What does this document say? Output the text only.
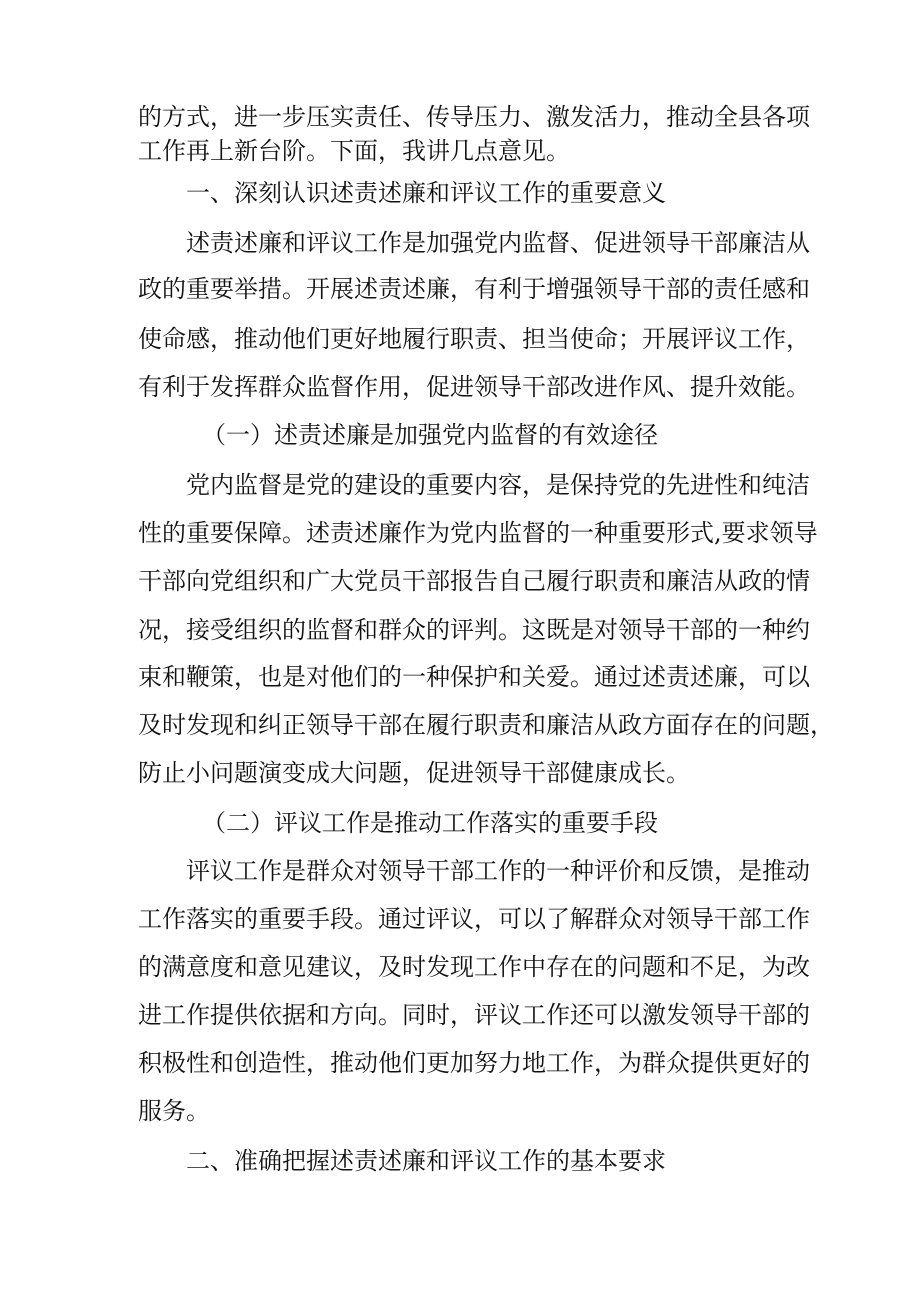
的方式，进一步压实责任、传导压力、激发活力，推动全县各项
工作再上新台阶。下面，我讲几点意见。
一、深刻认识述责述廉和评议工作的重要意义
述责述廉和评议工作是加强党内监督、促进领导干部廉洁从
政的重要举措。开展述责述廉，有利于增强领导干部的责任感和
使命感，推动他们更好地履行职责、担当使命；开展评议工作，
有利于发挥群众监督作用，促进领导干部改进作风、提升效能。
（一）述责述廉是加强党内监督的有效途径
党内监督是党的建设的重要内容，是保持党的先进性和纯洁
性的重要保障。述责述廉作为党内监督的一种重要形式,要求领导
干部向党组织和广大党员干部报告自己履行职责和廉洁从政的情
况，接受组织的监督和群众的评判。这既是对领导干部的一种约
束和鞭策，也是对他们的一种保护和关爱。通过述责述廉，可以
及时发现和纠正领导干部在履行职责和廉洁从政方面存在的问题，
防止小问题演变成大问题，促进领导干部健康成长。
（二）评议工作是推动工作落实的重要手段
评议工作是群众对领导干部工作的一种评价和反馈，是推动
工作落实的重要手段。通过评议，可以了解群众对领导干部工作
的满意度和意见建议，及时发现工作中存在的问题和不足，为改
进工作提供依据和方向。同时，评议工作还可以激发领导干部的
积极性和创造性，推动他们更加努力地工作，为群众提供更好的
服务。
二、准确把握述责述廉和评议工作的基本要求
